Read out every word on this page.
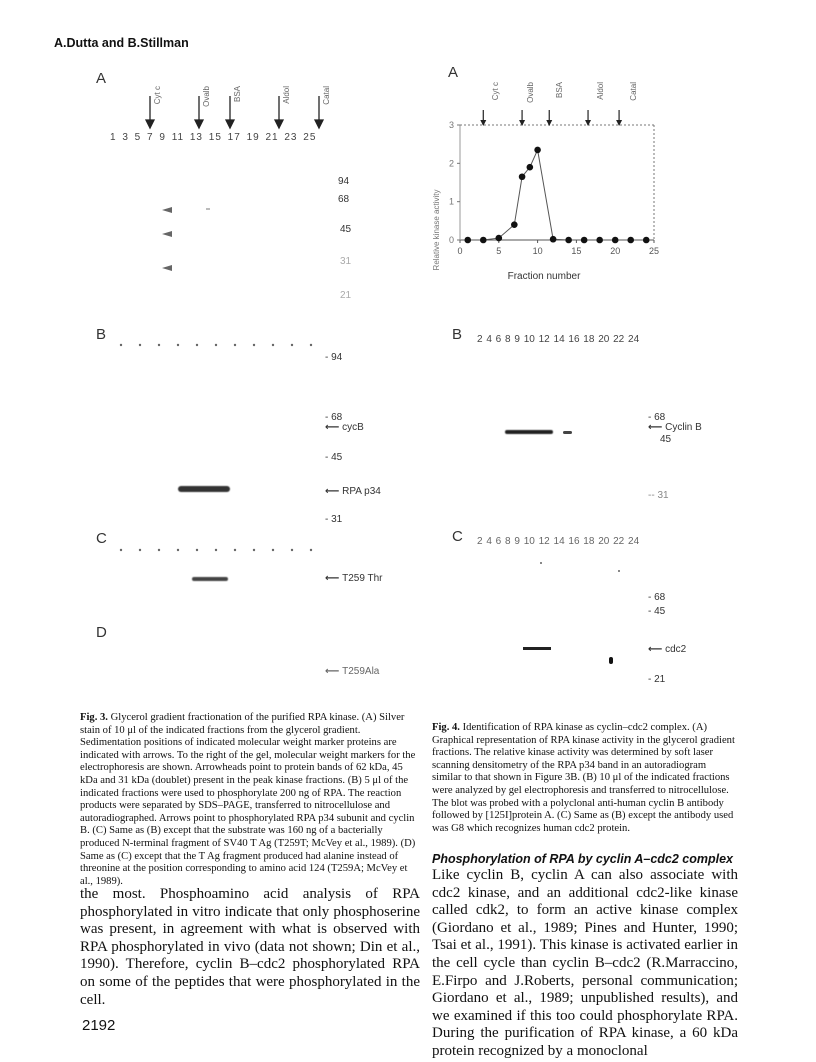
A.Dutta and B.Stillman
A
Cyt c	Ovalb	BSA	Aldol	Catal
1 3 5 7 9 11 13 15 17 19 21 23 25
94
68
45
31
21
B
- 94
- 68
⟵ cycB
- 45
⟵ RPA p34
- 31
C
⟵ T259 Thr
D
⟵ T259Ala
Fig. 3. Glycerol gradient fractionation of the purified RPA kinase. (A) Silver stain of 10 μl of the indicated fractions from the glycerol gradient. Sedimentation positions of indicated molecular weight marker proteins are indicated with arrows. To the right of the gel, molecular weight markers for the electrophoresis are shown. Arrowheads point to protein bands of 62 kDa, 45 kDa and 31 kDa (doublet) present in the peak kinase fractions. (B) 5 μl of the indicated fractions were used to phosphorylate 200 ng of RPA. The reaction products were separated by SDS–PAGE, transferred to nitrocellulose and autoradiographed. Arrows point to phosphorylated RPA p34 subunit and cyclin B. (C) Same as (B) except that the substrate was 160 ng of a bacterially produced N-terminal fragment of SV40 T Ag (T259T; McVey et al., 1989). (D) Same as (C) except that the T Ag fragment produced had alanine instead of threonine at the position corresponding to amino acid 124 (T259A; McVey et al., 1989).
A
Cyt c	Ovalb	BSA	Aldol	Catal
0	5	10	15	20	25
0
1
2
3
Relative kinase activity
Fraction number
B 2 4 6 8 9 10 12 14 16 18 20 22 24
- 68
⟵ Cyclin B
45
-- 31
C 2 4 6 8 9 10 12 14 16 18 20 22 24
- 68
- 45
⟵ cdc2
- 21
Fig. 4. Identification of RPA kinase as cyclin–cdc2 complex. (A) Graphical representation of RPA kinase activity in the glycerol gradient fractions. The relative kinase activity was determined by soft laser scanning densitometry of the RPA p34 band in an autoradiogram similar to that shown in Figure 3B. (B) 10 μl of the indicated fractions were analyzed by gel electrophoresis and transferred to nitrocellulose. The blot was probed with a polyclonal anti-human cyclin B antibody followed by [125I]protein A. (C) Same as (B) except the antibody used was G8 which recognizes human cdc2 protein.
the most. Phosphoamino acid analysis of RPA phosphorylated in vitro indicate that only phosphoserine was present, in agreement with what is observed with RPA phosphorylated in vivo (data not shown; Din et al., 1990). Therefore, cyclin B–cdc2 phosphorylated RPA on some of the peptides that were phosphorylated in the cell.
Phosphorylation of RPA by cyclin A–cdc2 complex
Like cyclin B, cyclin A can also associate with cdc2 kinase, and an additional cdc2-like kinase called cdk2, to form an active kinase complex (Giordano et al., 1989; Pines and Hunter, 1990; Tsai et al., 1991). This kinase is activated earlier in the cell cycle than cyclin B–cdc2 (R.Marraccino, E.Firpo and J.Roberts, personal communication; Giordano et al., 1989; unpublished results), and we examined if this too could phosphorylate RPA. During the purification of RPA kinase, a 60 kDa protein recognized by a monoclonal
2192
